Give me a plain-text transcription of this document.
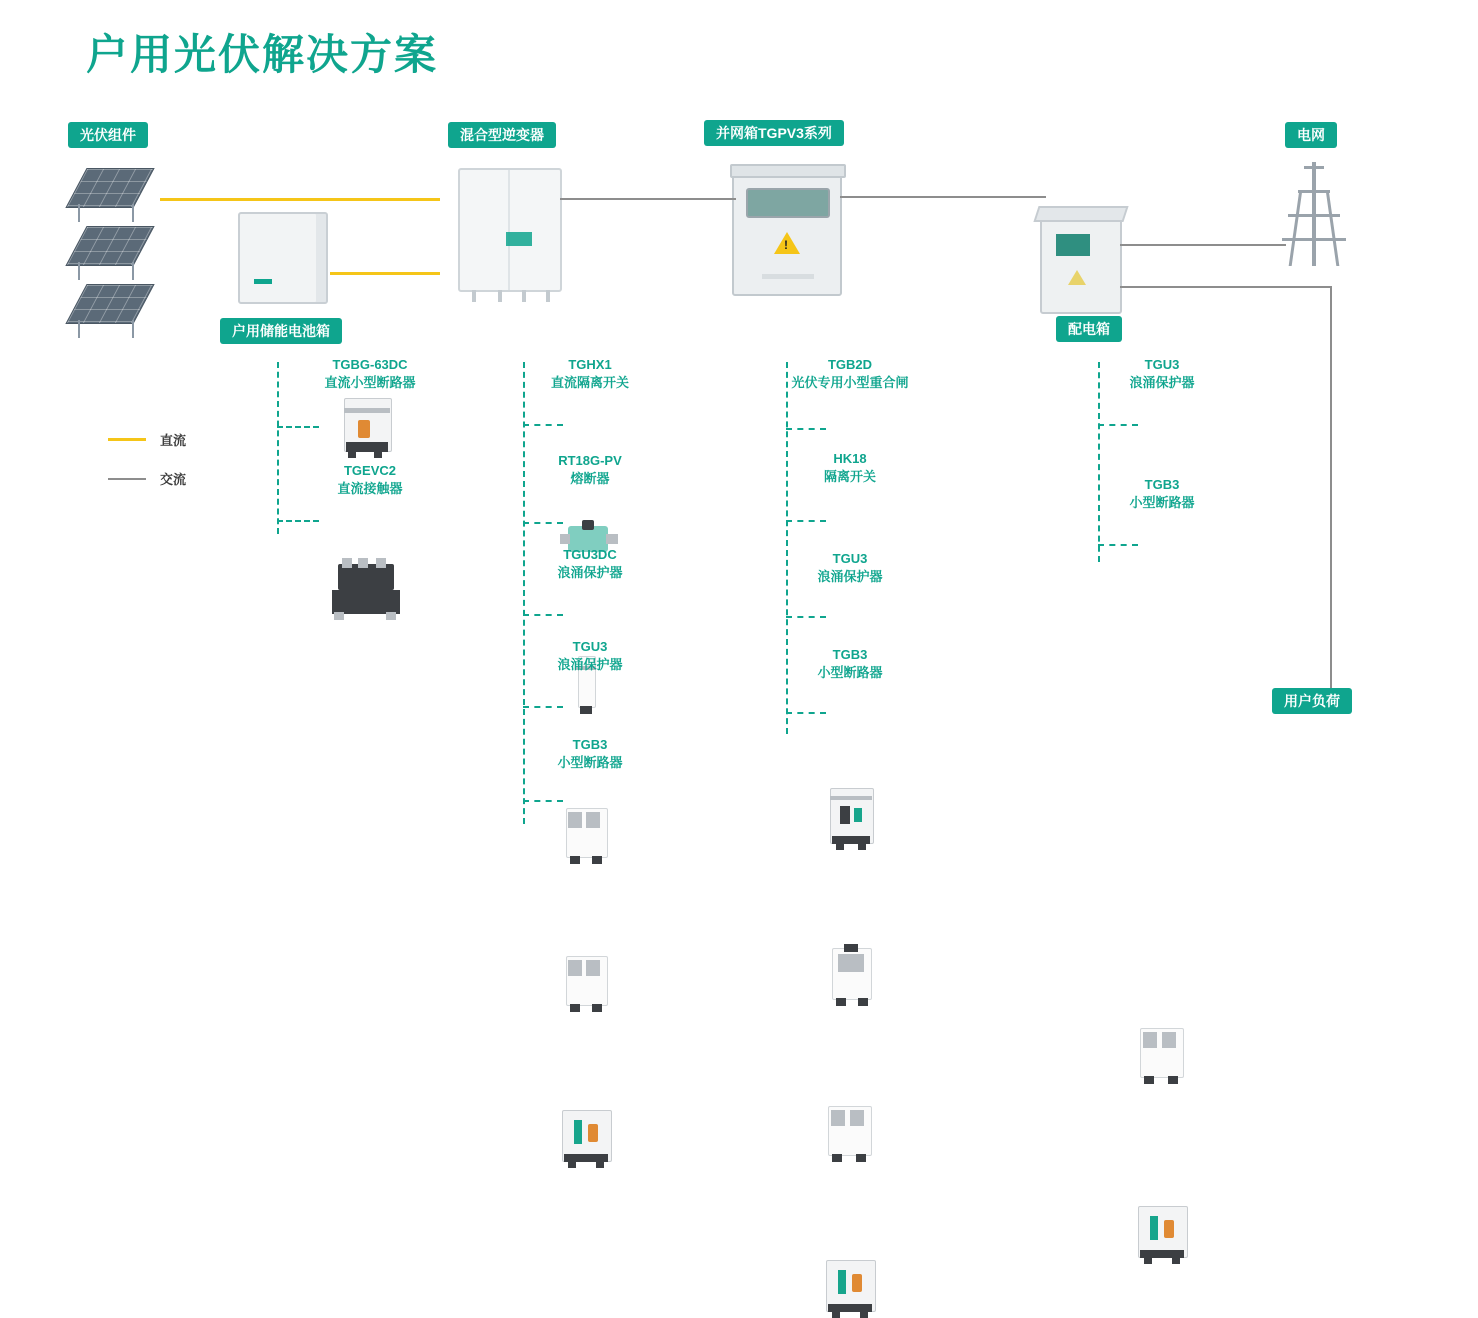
户用光伏解决方案
光伏组件	混合型逆变器	并网箱TGPV3系列	电网
户用储能电池箱	配电箱
用户负荷
!
直流
交流
TGBG-63DC
直流小型断路器
TGEVC2
直流接触器
TGHX1
直流隔离开关
RT18G-PV
熔断器
TGU3DC
浪涌保护器
TGU3
浪涌保护器
TGB3
小型断路器
TGB2D
光伏专用小型重合闸
HK18
隔离开关
TGU3
浪涌保护器
TGB3
小型断路器
TGU3
浪涌保护器
TGB3
小型断路器
